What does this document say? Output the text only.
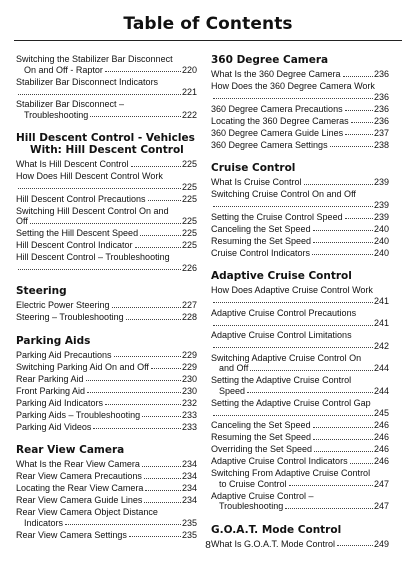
Table of Contents
Switching the Stabilizer Bar Disconnect
On and Off - Raptor	220
Stabilizer Bar Disconnect Indicators
221
Stabilizer Bar Disconnect –
Troubleshooting	222
Hill Descent Control - Vehicles
With: Hill Descent Control
What Is Hill Descent Control	225
How Does Hill Descent Control Work
225
Hill Descent Control Precautions	225
Switching Hill Descent Control On and
Off	225
Setting the Hill Descent Speed	225
Hill Descent Control Indicator	225
Hill Descent Control – Troubleshooting
226
Steering
Electric Power Steering	227
Steering – Troubleshooting	228
Parking Aids
Parking Aid Precautions	229
Switching Parking Aid On and Off	229
Rear Parking Aid	230
Front Parking Aid	230
Parking Aid Indicators	232
Parking Aids – Troubleshooting	233
Parking Aid Videos	233
Rear View Camera
What Is the Rear View Camera	234
Rear View Camera Precautions	234
Locating the Rear View Camera	234
Rear View Camera Guide Lines	234
Rear View Camera Object Distance
Indicators	235
Rear View Camera Settings	235
360 Degree Camera
What Is the 360 Degree Camera	236
How Does the 360 Degree Camera Work
236
360 Degree Camera Precautions	236
Locating the 360 Degree Cameras	236
360 Degree Camera Guide Lines	237
360 Degree Camera Settings	238
Cruise Control
What Is Cruise Control	239
Switching Cruise Control On and Off
239
Setting the Cruise Control Speed	239
Canceling the Set Speed	240
Resuming the Set Speed	240
Cruise Control Indicators	240
Adaptive Cruise Control
How Does Adaptive Cruise Control Work
241
Adaptive Cruise Control Precautions
241
Adaptive Cruise Control Limitations
242
Switching Adaptive Cruise Control On
and Off	244
Setting the Adaptive Cruise Control
Speed	244
Setting the Adaptive Cruise Control Gap
245
Canceling the Set Speed	246
Resuming the Set Speed	246
Overriding the Set Speed	246
Adaptive Cruise Control Indicators	246
Switching From Adaptive Cruise Control
to Cruise Control	247
Adaptive Cruise Control –
Troubleshooting	247
G.O.A.T. Mode Control
What Is G.O.A.T. Mode Control	249
8
